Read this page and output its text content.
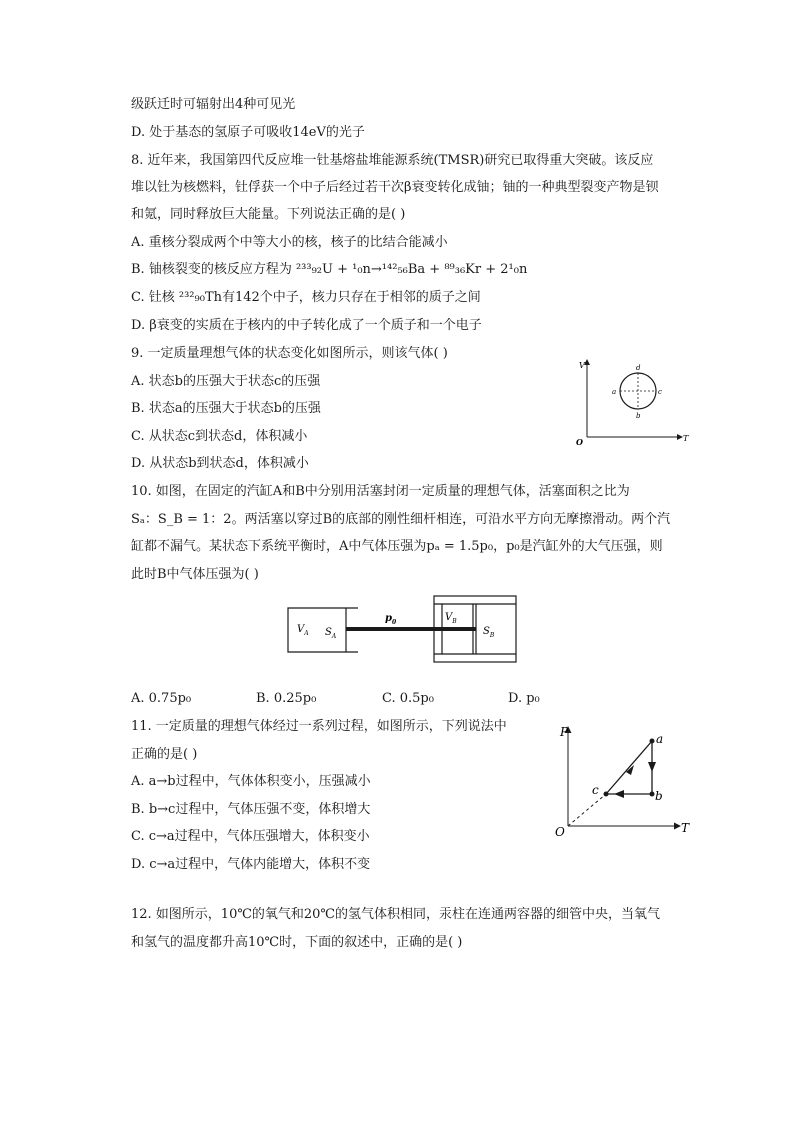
级跃迁时可辐射出4种可见光
D. 处于基态的氢原子可吸收14eV的光子
8. 近年来，我国第四代反应堆一钍基熔盐堆能源系统(TMSR)研究已取得重大突破。该反应
堆以钍为核燃料，钍俘获一个中子后经过若干次β衰变转化成铀；铀的一种典型裂变产物是钡
和氪，同时释放巨大能量。下列说法正确的是( )
A. 重核分裂成两个中等大小的核，核子的比结合能减小
B. 铀核裂变的核反应方程为 ²³³₉₂U + ¹₀n→¹⁴²₅₆Ba + ⁸⁹₃₆Kr + 2¹₀n
C. 钍核 ²³²₉₀Th有142个中子，核力只存在于相邻的质子之间
D. β衰变的实质在于核内的中子转化成了一个质子和一个电子
9. 一定质量理想气体的状态变化如图所示，则该气体( )
A. 状态b的压强大于状态c的压强
B. 状态a的压强大于状态b的压强
C. 从状态c到状态d，体积减小
D. 从状态b到状态d，体积减小
10. 如图，在固定的汽缸A和B中分别用活塞封闭一定质量的理想气体，活塞面积之比为
Sₐ：S_B = 1：2。两活塞以穿过B的底部的刚性细杆相连，可沿水平方向无摩擦滑动。两个汽
缸都不漏气。某状态下系统平衡时，A中气体压强为pₐ = 1.5p₀，p₀是汽缸外的大气压强，则
此时B中气体压强为( )
A. 0.75p₀	B. 0.25p₀	C. 0.5p₀	D. p₀
11. 一定质量的理想气体经过一系列过程，如图所示，下列说法中
正确的是( )
A. a→b过程中，气体体积变小，压强减小
B. b→c过程中，气体压强不变，体积增大
C. c→a过程中，气体压强增大，体积变小
D. c→a过程中，气体内能增大，体积不变
12. 如图所示，10℃的氧气和20℃的氢气体积相同，汞柱在连通两容器的细管中央，当氧气
和氢气的温度都升高10℃时，下面的叙述中，正确的是( )
V
T
O
a
b
c
d
$V_A$ $S_A$
$p_0$	$V_B$
$S_B$
P
T
O
a
b
c
